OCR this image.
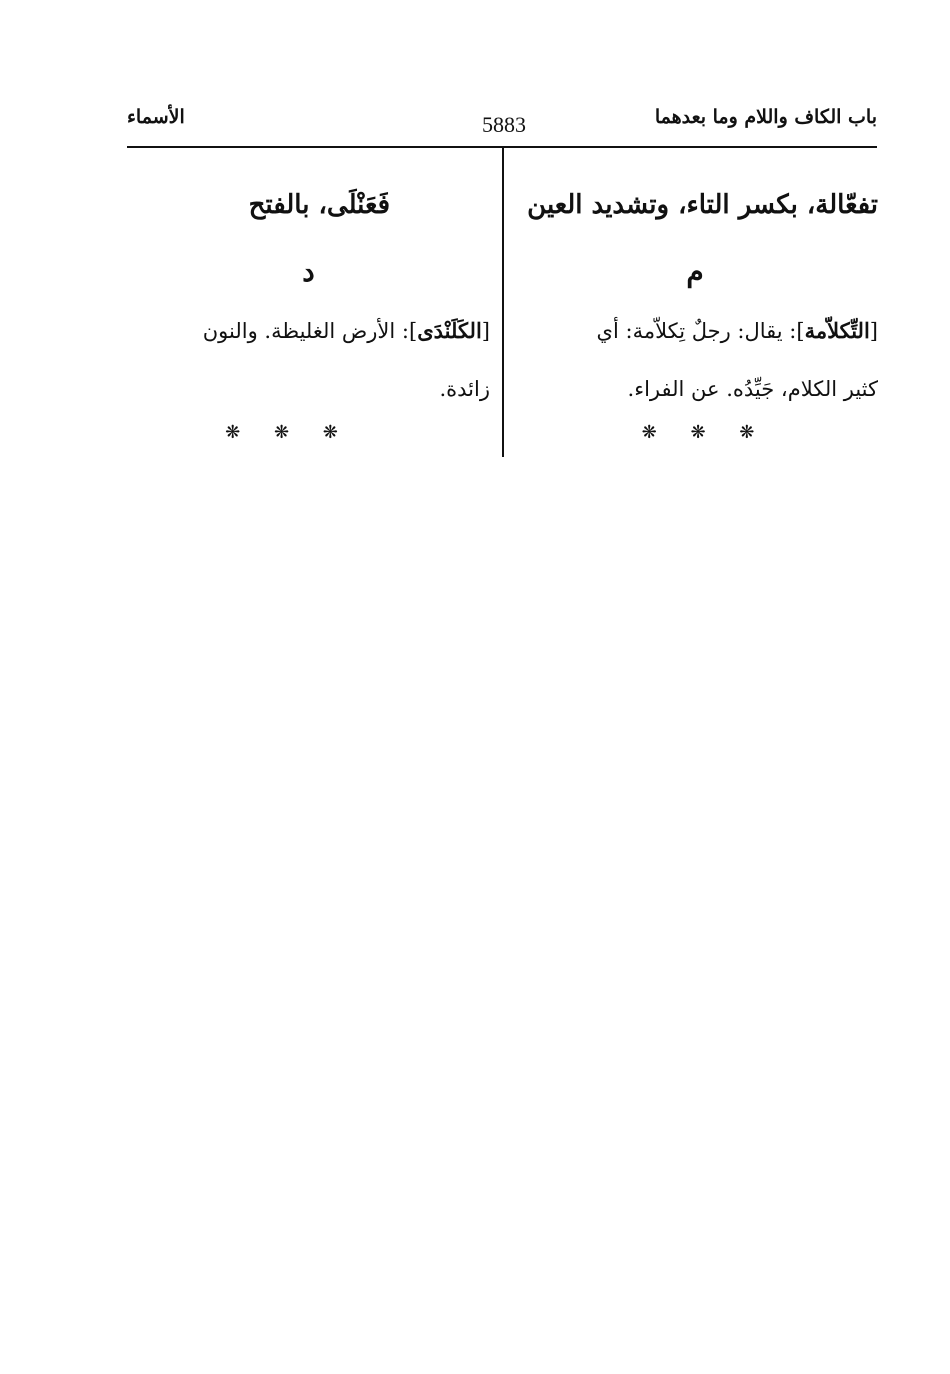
باب الكاف واللام وما بعدهما
5883
الأسماء
تفعّالة، بكسر التاء، وتشديد العين
م
[التِّكلاّمة]: يقال: رجلٌ تِكلاّمة: أي
كثير الكلام، جَيِّدُه. عن الفراء.
❋ ❋ ❋
فَعَنْلَى، بالفتح
د
[الكَلَنْدَى]: الأرض الغليظة. والنون
زائدة.
❋ ❋ ❋
